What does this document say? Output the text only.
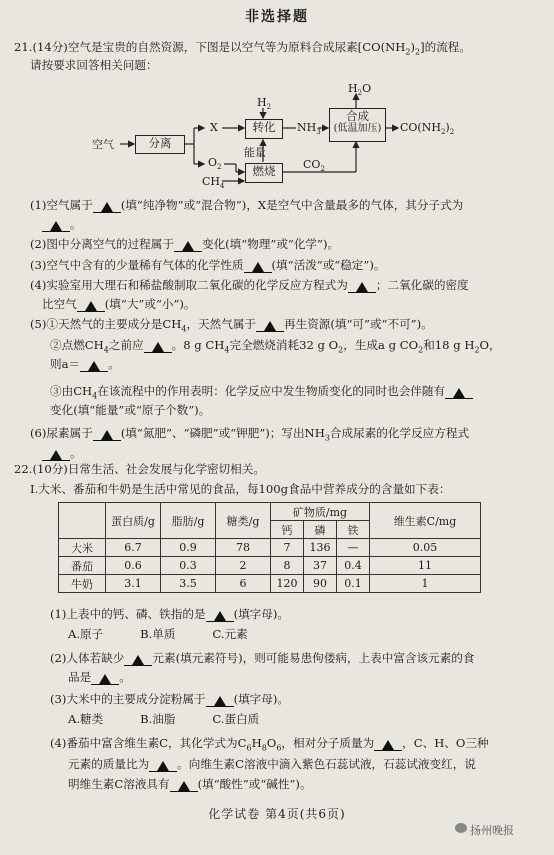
非选择题
21.(14分)空气是宝贵的自然资源，下图是以空气等为原料合成尿素$[CO(NH_2)_2]$的流程。
请按要求回答相关问题：
空气	分离
X
$H_2$
转化	$NH_3$
$H_2O$
合成
(低温加压)	$CO(NH_2)_2$
$O_2$
$CH_4$
能量
燃烧	$CO_2$
(1)空气属于 (填“纯净物”或“混合物”)，X是空气中含量最多的气体，其分子式为
。
(2)图中分离空气的过程属于 变化(填“物理”或“化学”)。
(3)空气中含有的少量稀有气体的化学性质 (填“活泼”或“稳定”)。
(4)实验室用大理石和稀盐酸制取二氧化碳的化学反应方程式为 ；二氧化碳的密度
比空气 (填“大”或“小”)。
(5)①天然气的主要成分是$CH_4$，天然气属于 再生资源(填“可”或“不可”)。
②点燃$CH_4$之前应 。8 g $CH_4$完全燃烧消耗32 g $O_2$，生成a g $CO_2$和18 g $H_2O$，
则a＝ 。
③由$CH_4$在该流程中的作用表明：化学反应中发生物质变化的同时也会伴随有
变化(填“能量”或“原子个数”)。
(6)尿素属于 (填“氮肥”、“磷肥”或“钾肥”)；写出$NH_3$合成尿素的化学反应方程式
。
22.(10分)日常生活、社会发展与化学密切相关。
Ⅰ.大米、番茄和牛奶是生活中常见的食品，每100g食品中营养成分的含量如下表：
	蛋白质/g	脂肪/g	糖类/g	矿物质/mg			维生素C/mg
				钙	磷	铁	
大米	6.7	0.9	78	7	136	—	0.05
番茄	0.6	0.3	2	8	37	0.4	11
牛奶	3.1	3.5	6	120	90	0.1	1
(1)上表中的钙、磷、铁指的是 (填字母)。
A.原子          B.单质          C.元素
(2)人体若缺少 元素(填元素符号)，则可能易患佝偻病，上表中富含该元素的食
品是 。
(3)大米中的主要成分淀粉属于 (填字母)。
A.糖类          B.油脂          C.蛋白质
(4)番茄中富含维生素C，其化学式为$C_6H_8O_6$，相对分子质量为 ，C、H、O三种
元素的质量比为 。向维生素C溶液中滴入紫色石蕊试液，石蕊试液变红，说
明维生素C溶液具有 (填“酸性”或“碱性”)。
化学试卷 第4页(共6页)
扬州晚报
